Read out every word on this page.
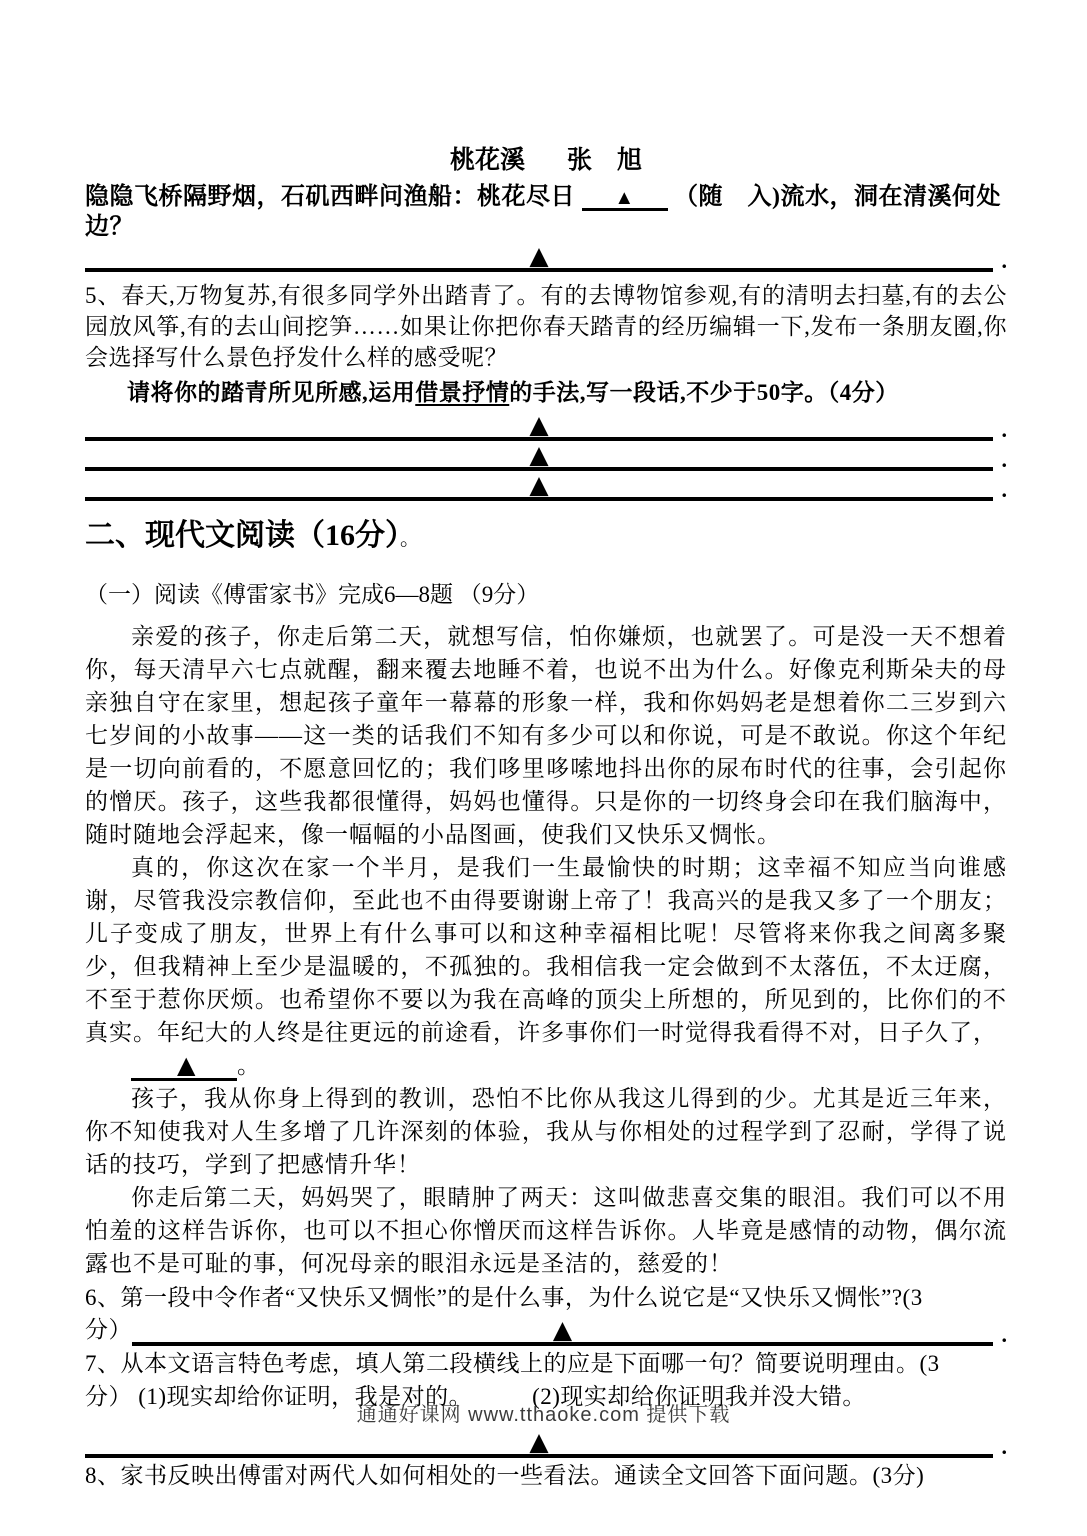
桃花溪 张　旭
隐隐飞桥隔野烟，石矶西畔问渔船：桃花尽日 ▲ （随　入)流水，洞在清溪何处边？
▲	.
5、春天,万物复苏,有很多同学外出踏青了。有的去博物馆参观,有的清明去扫墓,有的去公园放风筝,有的去山间挖笋……如果让你把你春天踏青的经历编辑一下,发布一条朋友圈,你会选择写什么景色抒发什么样的感受呢？
请将你的踏青所见所感,运用借景抒情的手法,写一段话,不少于50字。（4分）
▲	.
▲	.
▲	.
二、现代文阅读（16分）。
（一）阅读《傅雷家书》完成6—8题 （9分）

亲爱的孩子，你走后第二天，就想写信，怕你嫌烦，也就罢了。可是没一天不想着你，每天清早六七点就醒，翻来覆去地睡不着，也说不出为什么。好像克利斯朵夫的母亲独自守在家里，想起孩子童年一幕幕的形象一样，我和你妈妈老是想着你二三岁到六七岁间的小故事——这一类的话我们不知有多少可以和你说，可是不敢说。你这个年纪是一切向前看的，不愿意回忆的；我们哆里哆嗦地抖出你的尿布时代的往事，会引起你的憎厌。孩子，这些我都很懂得，妈妈也懂得。只是你的一切终身会印在我们脑海中，随时随地会浮起来，像一幅幅的小品图画，使我们又快乐又惆怅。

真的，你这次在家一个半月，是我们一生最愉快的时期；这幸福不知应当向谁感谢，尽管我没宗教信仰，至此也不由得要谢谢上帝了！我高兴的是我又多了一个朋友；儿子变成了朋友，世界上有什么事可以和这种幸福相比呢！尽管将来你我之间离多聚少，但我精神上至少是温暖的，不孤独的。我相信我一定会做到不太落伍，不太迂腐，不至于惹你厌烦。也希望你不要以为我在高峰的顶尖上所想的，所见到的，比你们的不真实。年纪大的人终是往更远的前途看，许多事你们一时觉得我看得不对，日子久了，

▲ 。

孩子，我从你身上得到的教训，恐怕不比你从我这儿得到的少。尤其是近三年来，你不知使我对人生多增了几许深刻的体验，我从与你相处的过程学到了忍耐，学得了说话的技巧，学到了把感情升华！

你走后第二天，妈妈哭了，眼睛肿了两天：这叫做悲喜交集的眼泪。我们可以不用怕羞的这样告诉你，也可以不担心你憎厌而这样告诉你。人毕竟是感情的动物，偶尔流露也不是可耻的事，何况母亲的眼泪永远是圣洁的，慈爱的！

6、第一段中令作者“又快乐又惆怅”的是什么事，为什么说它是“又快乐又惆怅”?(3
分）	▲	.
7、从本文语言特色考虑，填人第二段横线上的应是下面哪一句？简要说明理由。(3
分） (1)现实却给你证明，我是对的。	(2)现实却给你证明我并没大错。
▲	.
8、家书反映出傅雷对两代人如何相处的一些看法。通读全文回答下面问题。(3分)
通通好课网 www.tthaoke.com 提供下载
